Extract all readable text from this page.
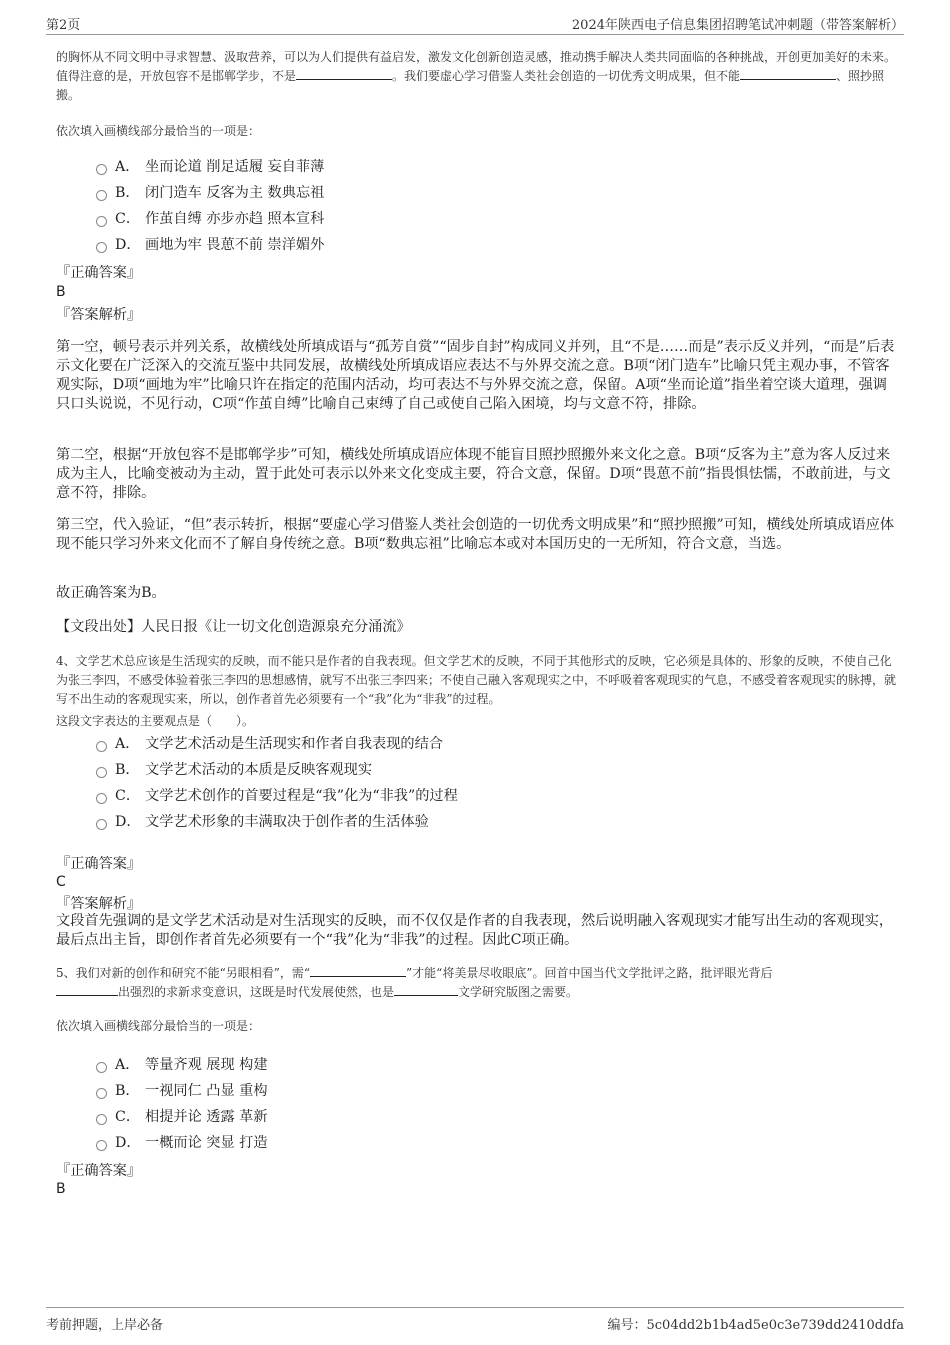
第2页	2024年陕西电子信息集团招聘笔试冲刺题（带答案解析）

的胸怀从不同文明中寻求智慧、汲取营养，可以为人们提供有益启发，激发文化创新创造灵感，推动携手解决人类共同面临的各种挑战，开创更加美好的未来。值得注意的是，开放包容不是邯郸学步，不是	。我们要虚心学习借鉴人类社会创造的一切优秀文明成果，但不能	、照抄照搬。

依次填入画横线部分最恰当的一项是：

A． 坐而论道 削足适履 妄自菲薄
B． 闭门造车 反客为主 数典忘祖
C． 作茧自缚 亦步亦趋 照本宣科
D． 画地为牢 畏葸不前 崇洋媚外
『正确答案』
B
『答案解析』

第一空，顿号表示并列关系，故横线处所填成语与“孤芳自赏”“固步自封”构成同义并列，且“不是……而是”表示反义并列，“而是”后表示文化要在广泛深入的交流互鉴中共同发展，故横线处所填成语应表达不与外界交流之意。B项“闭门造车”比喻只凭主观办事，不管客观实际，D项“画地为牢”比喻只许在指定的范围内活动，均可表达不与外界交流之意，保留。A项“坐而论道”指坐着空谈大道理，强调只口头说说，不见行动，C项“作茧自缚”比喻自己束缚了自己或使自己陷入困境，均与文意不符，排除。

第二空，根据“开放包容不是邯郸学步”可知，横线处所填成语应体现不能盲目照抄照搬外来文化之意。B项“反客为主”意为客人反过来成为主人，比喻变被动为主动，置于此处可表示以外来文化变成主要，符合文意，保留。D项“畏葸不前”指畏惧怯懦，不敢前进，与文意不符，排除。

第三空，代入验证，“但”表示转折，根据“要虚心学习借鉴人类社会创造的一切优秀文明成果”和“照抄照搬”可知，横线处所填成语应体现不能只学习外来文化而不了解自身传统之意。B项“数典忘祖”比喻忘本或对本国历史的一无所知，符合文意，当选。

故正确答案为B。

【文段出处】人民日报《让一切文化创造源泉充分涌流》

4、文学艺术总应该是生活现实的反映，而不能只是作者的自我表现。但文学艺术的反映，不同于其他形式的反映，它必须是具体的、形象的反映，不使自己化为张三李四，不感受体验着张三李四的思想感情，就写不出张三李四来；不使自己融入客观现实之中，不呼吸着客观现实的气息，不感受着客观现实的脉搏，就写不出生动的客观现实来，所以，创作者首先必须要有一个“我”化为“非我”的过程。

这段文字表达的主要观点是（　　）。

A． 文学艺术活动是生活现实和作者自我表现的结合
B． 文学艺术活动的本质是反映客观现实
C． 文学艺术创作的首要过程是“我”化为“非我”的过程
D． 文学艺术形象的丰满取决于创作者的生活体验
『正确答案』
C
『答案解析』

文段首先强调的是文学艺术活动是对生活现实的反映，而不仅仅是作者的自我表现，然后说明融入客观现实才能写出生动的客观现实，最后点出主旨，即创作者首先必须要有一个“我”化为“非我”的过程。因此C项正确。

5、我们对新的创作和研究不能“另眼相看”，需“	”才能“将美景尽收眼底”。回首中国当代文学批评之路，批评眼光背后
出强烈的求新求变意识，这既是时代发展使然，也是	文学研究版图之需要。

依次填入画横线部分最恰当的一项是：

A． 等量齐观 展现 构建
B． 一视同仁 凸显 重构
C． 相提并论 透露 革新
D． 一概而论 突显 打造
『正确答案』
B
考前押题，上岸必备	编号：5c04dd2b1b4ad5e0c3e739dd2410ddfa
